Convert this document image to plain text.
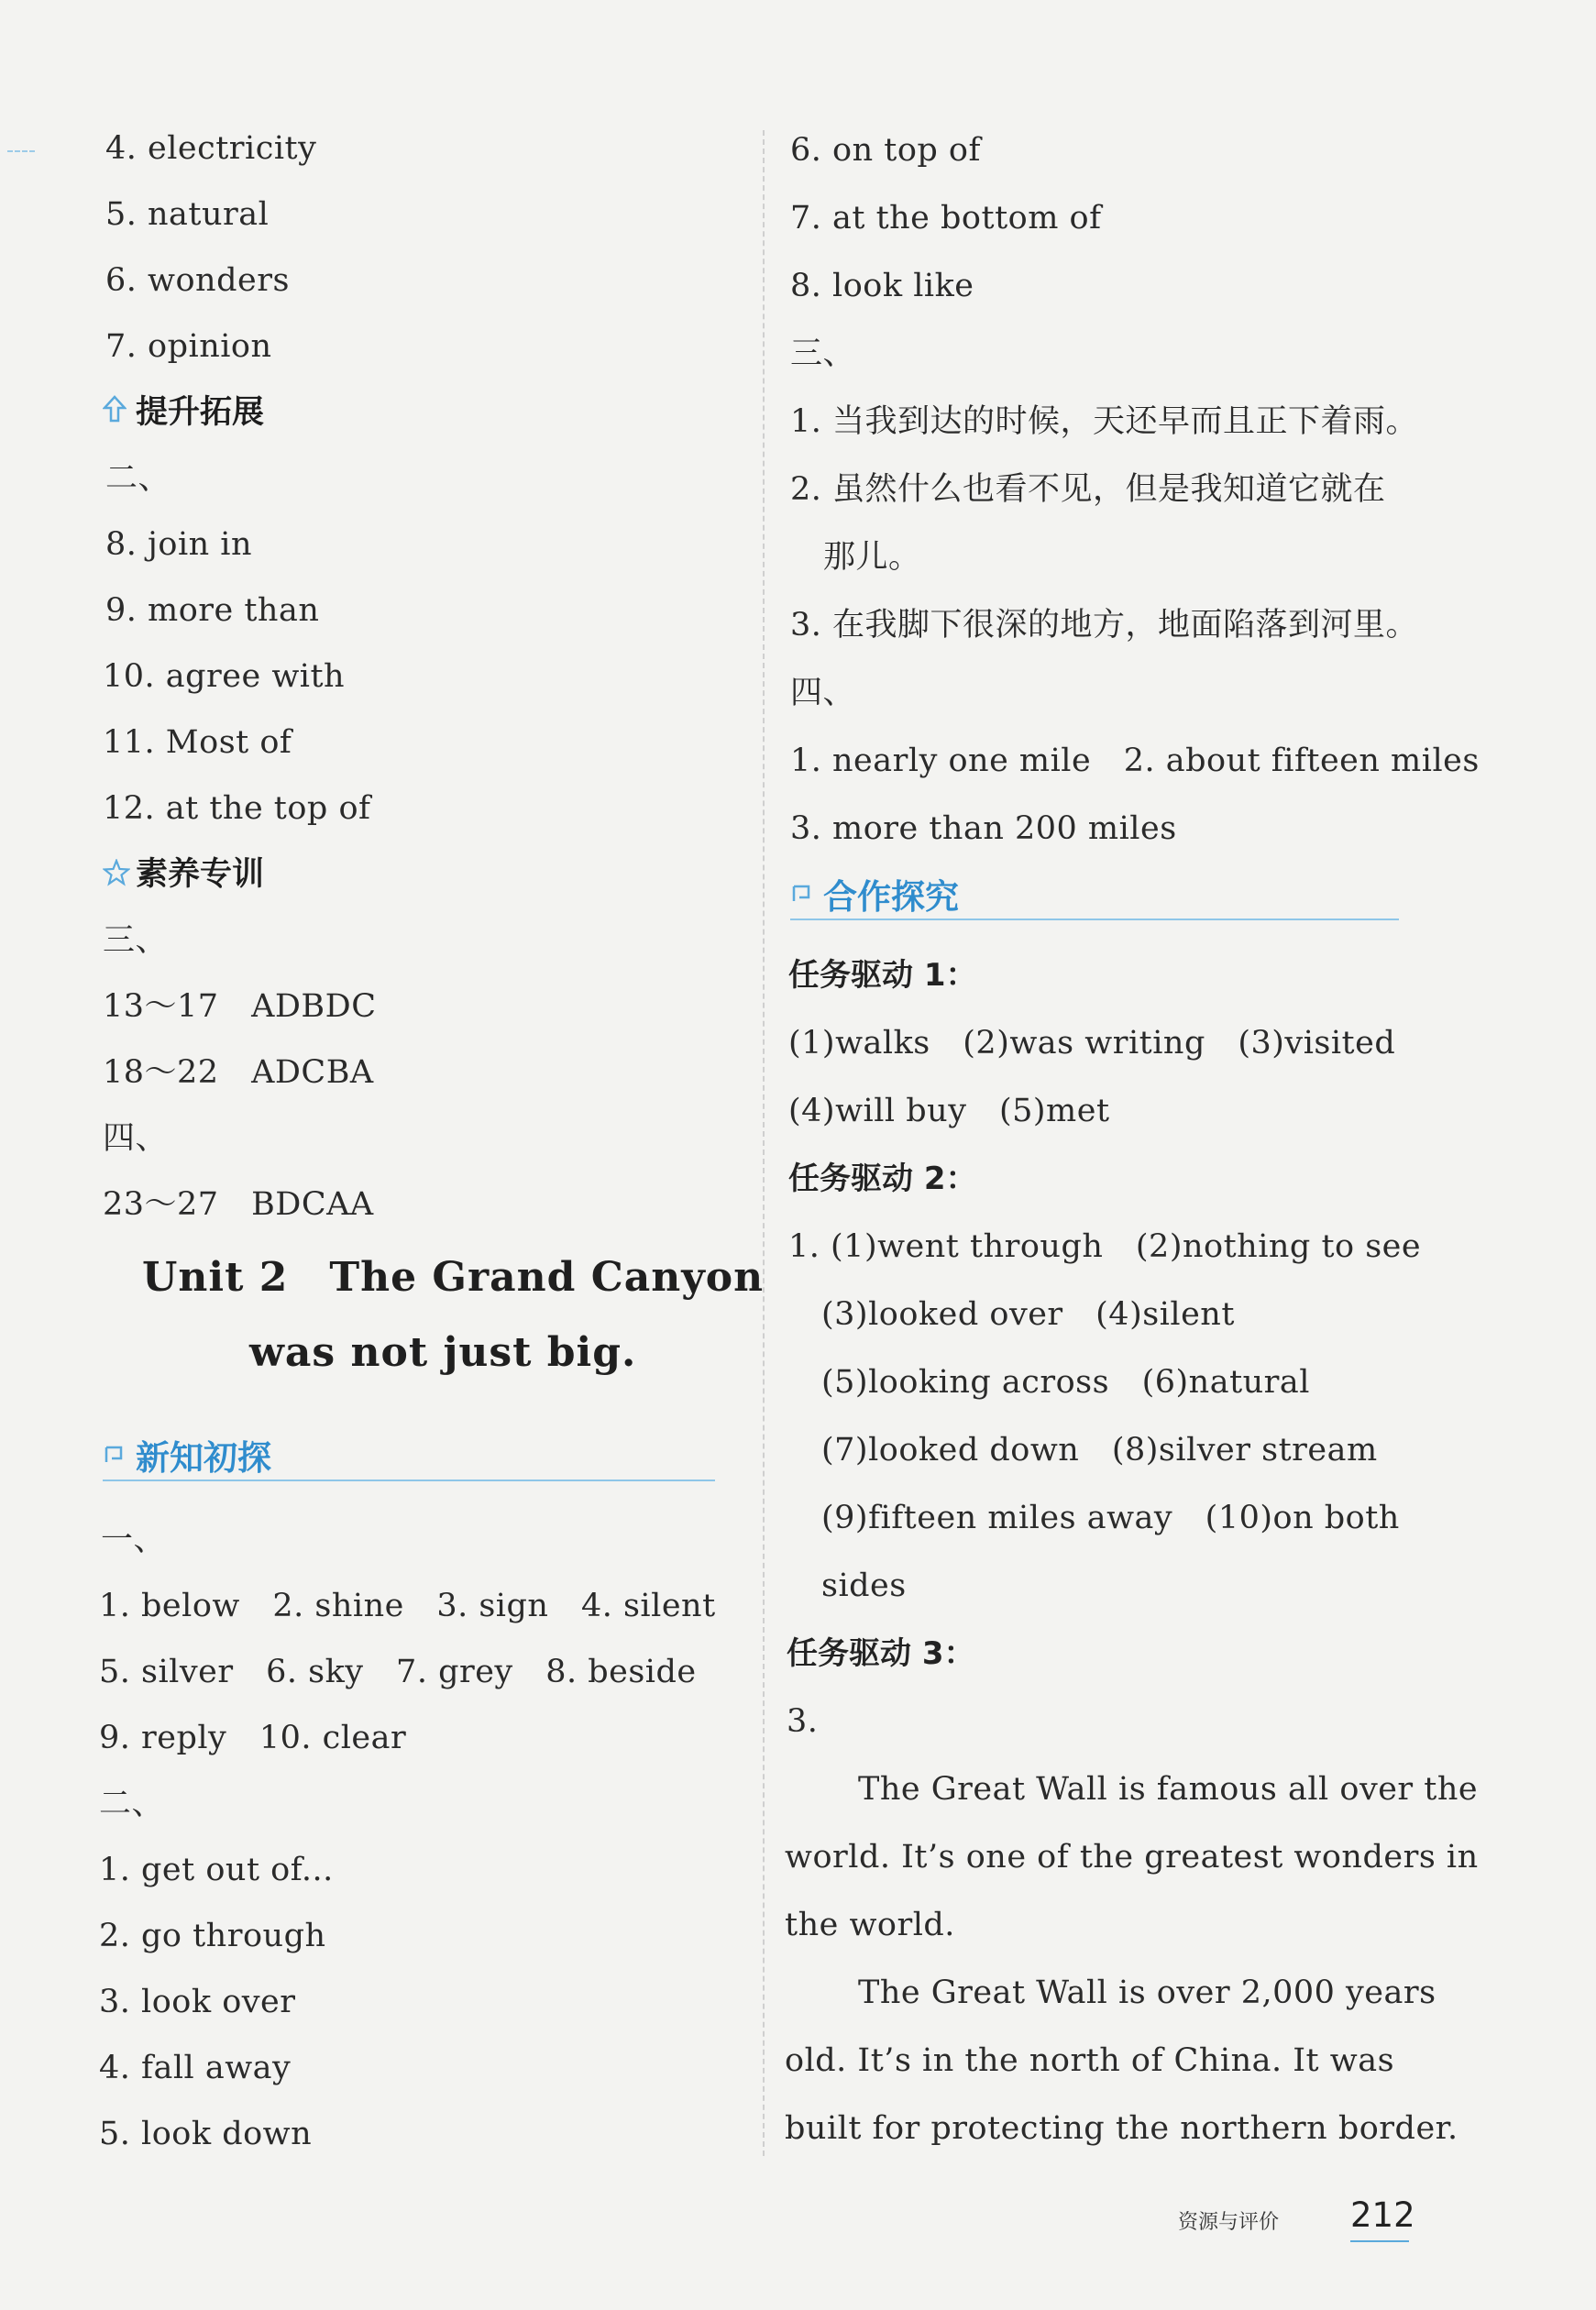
4. electricity
5. natural
6. wonders
7. opinion
提升拓展
二、
8. join in
9. more than
10. agree with
11. Most of
12. at the top of
素养专训
三、
13～17　ADBDC
18～22　ADCBA
四、
23～27　BDCAA
Unit 2　The Grand Canyon
was not just big.
新知初探
一、
1. below　2. shine　3. sign　4. silent
5. silver　6. sky　7. grey　8. beside
9. reply　10. clear
二、
1. get out of...
2. go through
3. look over
4. fall away
5. look down
6. on top of
7. at the bottom of
8. look like
三、
1. 当我到达的时候，天还早而且正下着雨。
2. 虽然什么也看不见，但是我知道它就在
那儿。
3. 在我脚下很深的地方，地面陷落到河里。
四、
1. nearly one mile　2. about fifteen miles
3. more than 200 miles
合作探究
任务驱动 1：
(1)walks　(2)was writing　(3)visited
(4)will buy　(5)met
任务驱动 2：
1. (1)went through　(2)nothing to see
(3)looked over　(4)silent
(5)looking across　(6)natural
(7)looked down　(8)silver stream
(9)fifteen miles away　(10)on both
sides
任务驱动 3：
3.
The Great Wall is famous all over the
world. It’s one of the greatest wonders in
the world.
The Great Wall is over 2,000 years
old. It’s in the north of China. It was
built for protecting the northern border.
资源与评价 212
